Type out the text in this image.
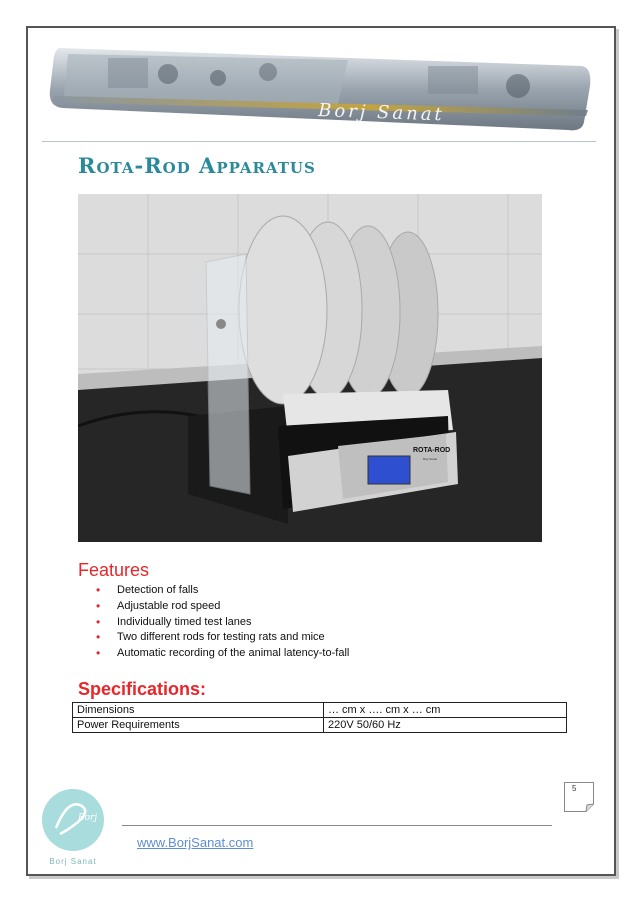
Borj Sanat
Rota-Rod Apparatus
ROTA-ROD
Borj Sanat
Features
• Detection of falls
• Adjustable rod speed
• Individually timed test lanes
• Two different rods for testing rats and mice
• Automatic recording of the animal latency-to-fall
Specifications:
Dimensions	… cm x …. cm x … cm
Power Requirements	220V 50/60 Hz
5
Borj
Borj Sanat
www.BorjSanat.com
